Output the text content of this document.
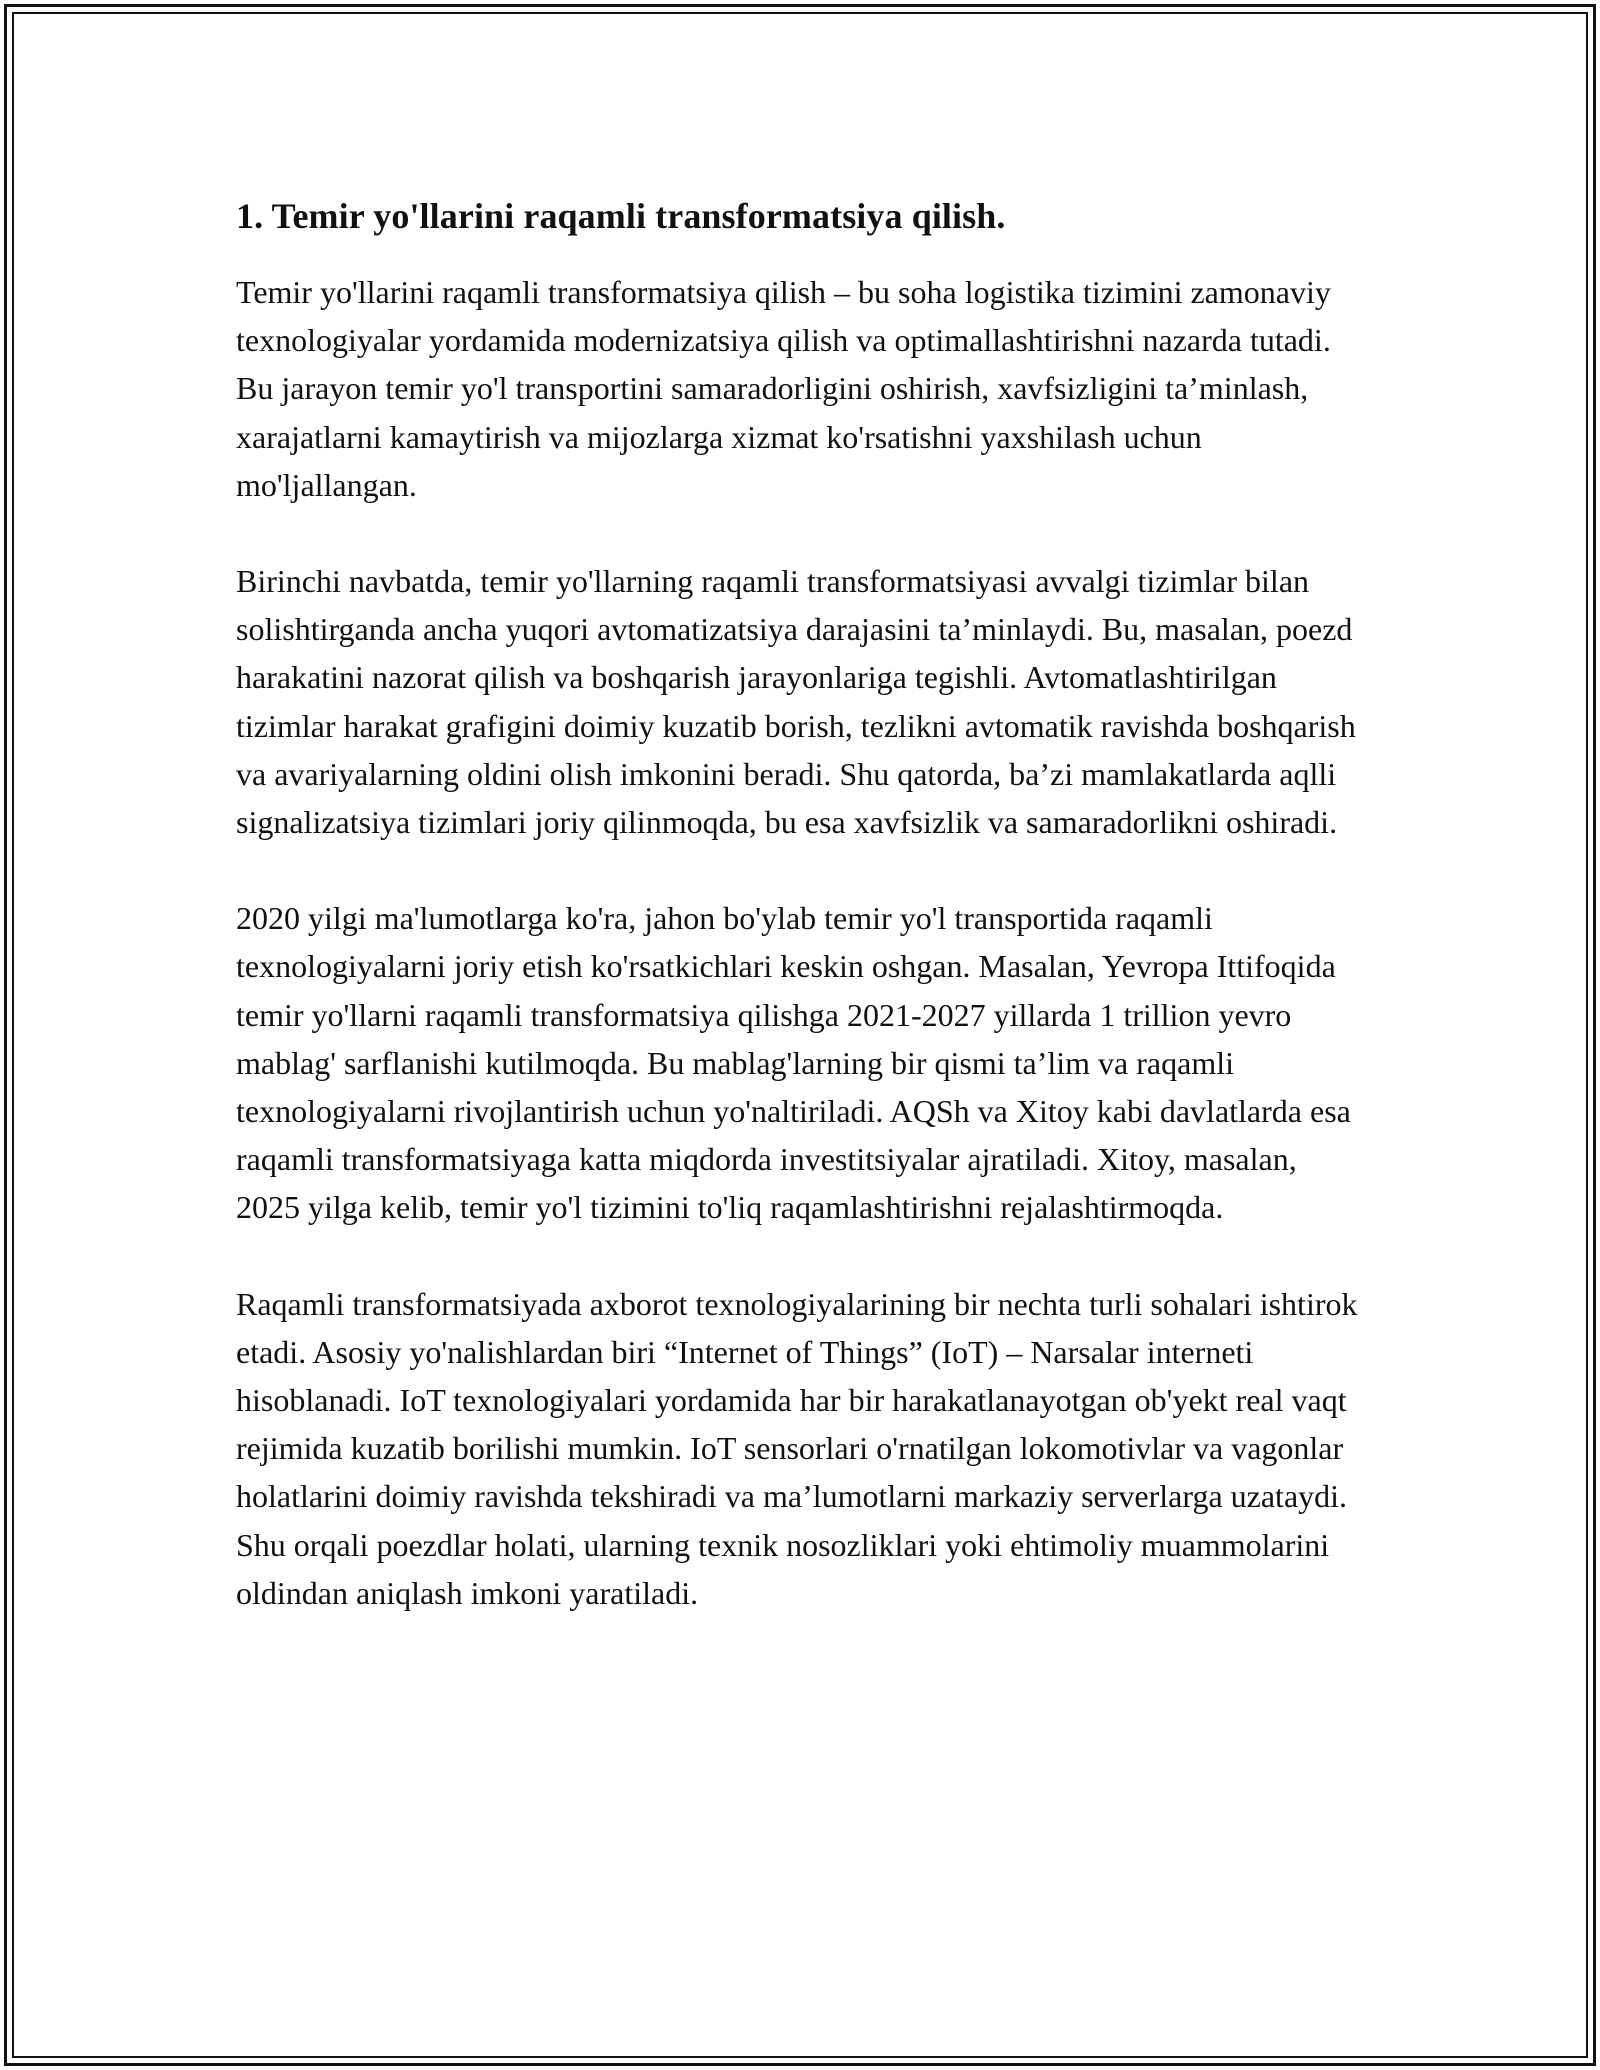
1. Temir yo'llarini raqamli transformatsiya qilish.

Temir yo'llarini raqamli transformatsiya qilish – bu soha logistika tizimini zamonaviy texnologiyalar yordamida modernizatsiya qilish va optimallashtirishni nazarda tutadi. Bu jarayon temir yo'l transportini samaradorligini oshirish, xavfsizligini ta’minlash, xarajatlarni kamaytirish va mijozlarga xizmat ko'rsatishni yaxshilash uchun mo'ljallangan.

Birinchi navbatda, temir yo'llarning raqamli transformatsiyasi avvalgi tizimlar bilan solishtirganda ancha yuqori avtomatizatsiya darajasini ta’minlaydi. Bu, masalan, poezd harakatini nazorat qilish va boshqarish jarayonlariga tegishli. Avtomatlashtirilgan tizimlar harakat grafigini doimiy kuzatib borish, tezlikni avtomatik ravishda boshqarish va avariyalarning oldini olish imkonini beradi. Shu qatorda, ba’zi mamlakatlarda aqlli signalizatsiya tizimlari joriy qilinmoqda, bu esa xavfsizlik va samaradorlikni oshiradi.

2020 yilgi ma'lumotlarga ko'ra, jahon bo'ylab temir yo'l transportida raqamli texnologiyalarni joriy etish ko'rsatkichlari keskin oshgan. Masalan, Yevropa Ittifoqida temir yo'llarni raqamli transformatsiya qilishga 2021-2027 yillarda 1 trillion yevro mablag' sarflanishi kutilmoqda. Bu mablag'larning bir qismi ta’lim va raqamli texnologiyalarni rivojlantirish uchun yo'naltiriladi. AQSh va Xitoy kabi davlatlarda esa raqamli transformatsiyaga katta miqdorda investitsiyalar ajratiladi. Xitoy, masalan, 2025 yilga kelib, temir yo'l tizimini to'liq raqamlashtirishni rejalashtirmoqda.

Raqamli transformatsiyada axborot texnologiyalarining bir nechta turli sohalari ishtirok etadi. Asosiy yo'nalishlardan biri “Internet of Things” (IoT) – Narsalar interneti hisoblanadi. IoT texnologiyalari yordamida har bir harakatlanayotgan ob'yekt real vaqt rejimida kuzatib borilishi mumkin. IoT sensorlari o'rnatilgan lokomotivlar va vagonlar holatlarini doimiy ravishda tekshiradi va ma’lumotlarni markaziy serverlarga uzataydi. Shu orqali poezdlar holati, ularning texnik nosozliklari yoki ehtimoliy muammolarini oldindan aniqlash imkoni yaratiladi.
